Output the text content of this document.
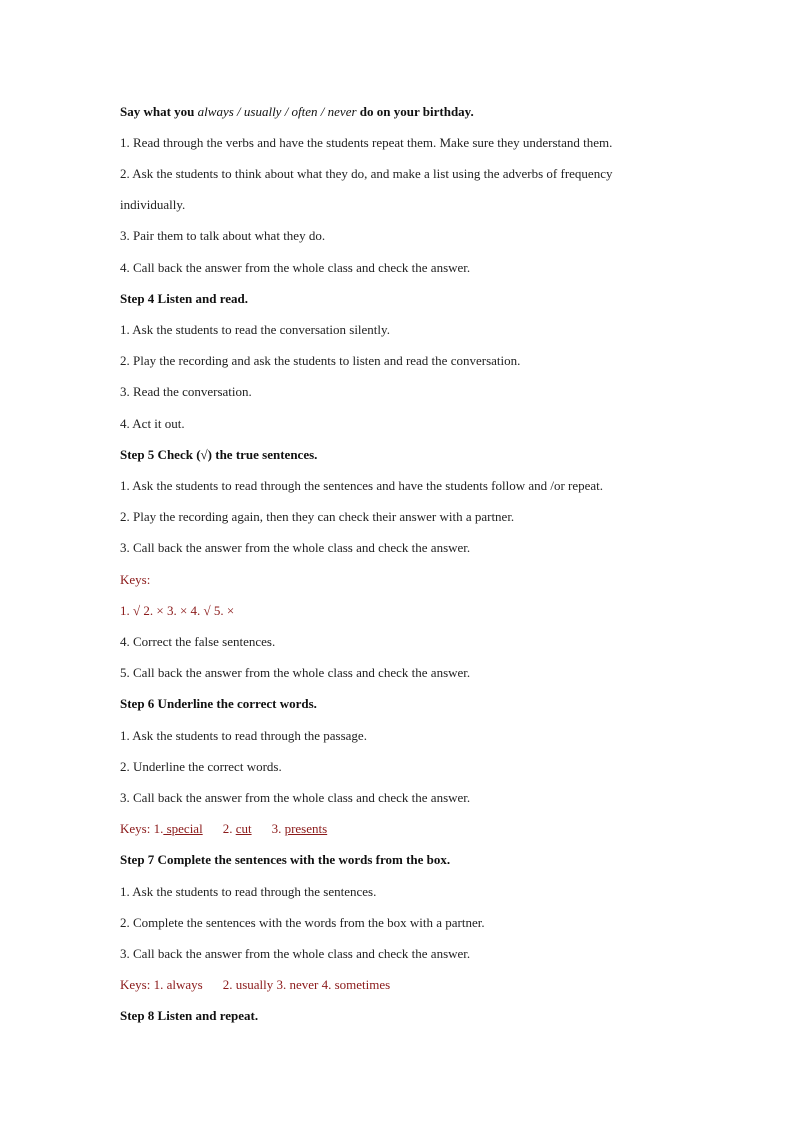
Say what you always / usually / often / never do on your birthday.
1. Read through the verbs and have the students repeat them. Make sure they understand them.
2. Ask the students to think about what they do, and make a list using the adverbs of frequency
individually.
3. Pair them to talk about what they do.
4. Call back the answer from the whole class and check the answer.
Step 4 Listen and read.
1. Ask the students to read the conversation silently.
2. Play the recording and ask the students to listen and read the conversation.
3. Read the conversation.
4. Act it out.
Step 5 Check (√) the true sentences.
1. Ask the students to read through the sentences and have the students follow and /or repeat.
2. Play the recording again, then they can check their answer with a partner.
3. Call back the answer from the whole class and check the answer.
Keys:
1. √ 2. × 3. × 4. √ 5. ×
4. Correct the false sentences.
5. Call back the answer from the whole class and check the answer.
Step 6 Underline the correct words.
1. Ask the students to read through the passage.
2. Underline the correct words.
3. Call back the answer from the whole class and check the answer.
Keys: 1. special 2. cut 3. presents
Step 7 Complete the sentences with the words from the box.
1. Ask the students to read through the sentences.
2. Complete the sentences with the words from the box with a partner.
3. Call back the answer from the whole class and check the answer.
Keys: 1. always 2. usually 3. never 4. sometimes
Step 8 Listen and repeat.
